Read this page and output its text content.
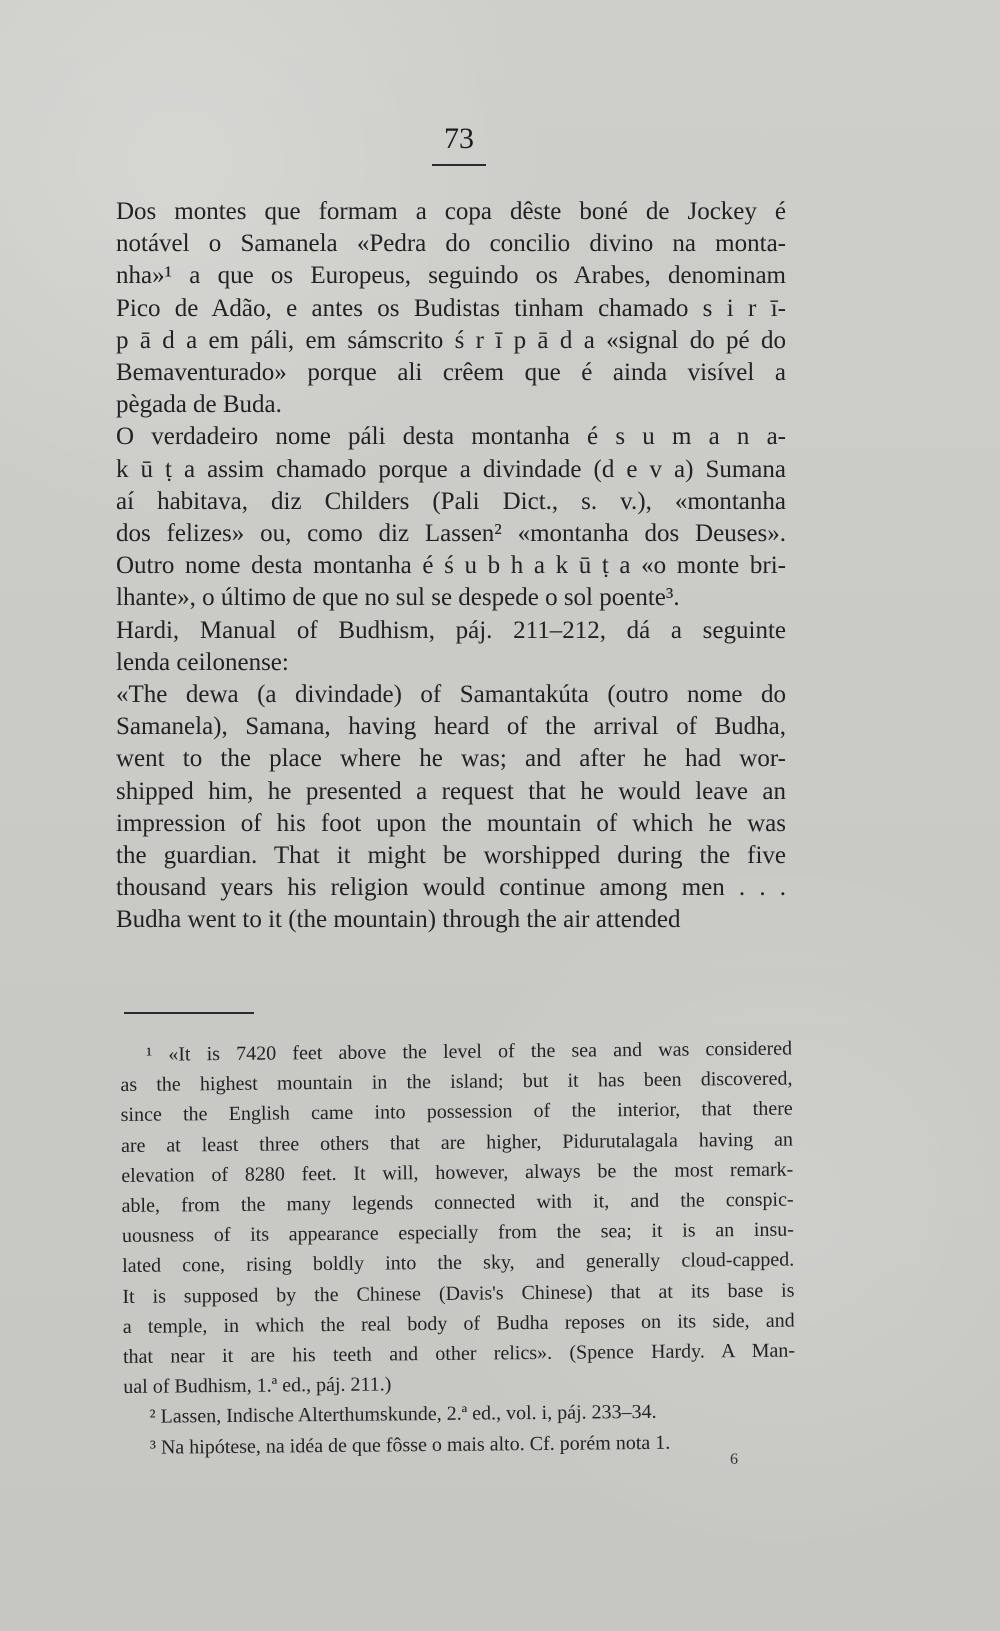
73
Dos montes que formam a copa dêste boné de Jockey é
notável o Samanela «Pedra do concilio divino na monta-
nha»¹ a que os Europeus, seguindo os Arabes, denominam
Pico de Adão, e antes os Budistas tinham chamado s i r ī-
p ā d a em páli, em sámscrito ś r ī p ā d a «signal do pé do
Bemaventurado» porque ali crêem que é ainda visível a
pègada de Buda.
O verdadeiro nome páli desta montanha é s u m a n a-
k ū ṭ a assim chamado porque a divindade (d e v a) Sumana
aí habitava, diz Childers (Pali Dict., s. v.), «montanha
dos felizes» ou, como diz Lassen² «montanha dos Deuses».
Outro nome desta montanha é ś u b h a k ū ṭ a «o monte bri-
lhante», o último de que no sul se despede o sol poente³.
Hardi, Manual of Budhism, páj. 211–212, dá a seguinte
lenda ceilonense:
«The dewa (a divindade) of Samantakúta (outro nome do
Samanela), Samana, having heard of the arrival of Budha,
went to the place where he was; and after he had wor-
shipped him, he presented a request that he would leave an
impression of his foot upon the mountain of which he was
the guardian. That it might be worshipped during the five
thousand years his religion would continue among men . . .
Budha went to it (the mountain) through the air attended
¹ «It is 7420 feet above the level of the sea and was considered
as the highest mountain in the island; but it has been discovered,
since the English came into possession of the interior, that there
are at least three others that are higher, Pidurutalagala having an
elevation of 8280 feet. It will, however, always be the most remark-
able, from the many legends connected with it, and the conspic-
uousness of its appearance especially from the sea; it is an insu-
lated cone, rising boldly into the sky, and generally cloud-capped.
It is supposed by the Chinese (Davis's Chinese) that at its base is
a temple, in which the real body of Budha reposes on its side, and
that near it are his teeth and other relics». (Spence Hardy. A Man-
ual of Budhism, 1.ª ed., páj. 211.)
² Lassen, Indische Alterthumskunde, 2.ª ed., vol. i, páj. 233–34.
³ Na hipótese, na idéa de que fôsse o mais alto. Cf. porém nota 1.
6
